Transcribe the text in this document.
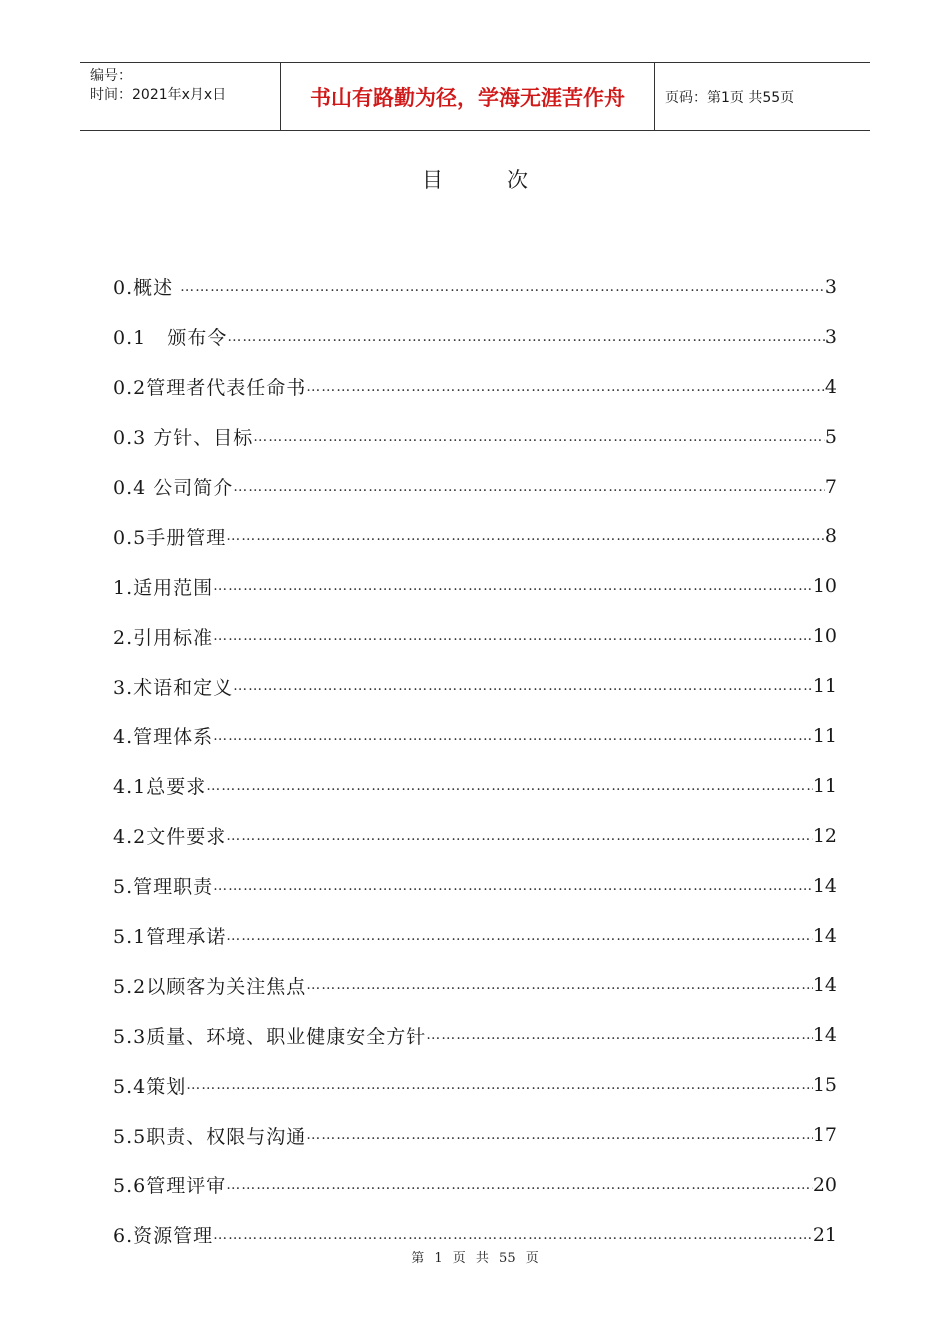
编号：
时间：2021年x月x日	书山有路勤为径，学海无涯苦作舟	页码：第1页 共55页
目次
0.概述 ……………………………………………………………………………………………………………………………………………………………	3
0.1   颁布令 ……………………………………………………………………………………………………………………………………………………………	3
0.2管理者代表任命书 ……………………………………………………………………………………………………………………………………………………………	4
0.3 方针、目标 ……………………………………………………………………………………………………………………………………………………………	5
0.4 公司简介 ……………………………………………………………………………………………………………………………………………………………	7
0.5手册管理 ……………………………………………………………………………………………………………………………………………………………	8
1.适用范围 ……………………………………………………………………………………………………………………………………………………………	10
2.引用标准 ……………………………………………………………………………………………………………………………………………………………	10
3.术语和定义 ……………………………………………………………………………………………………………………………………………………………	11
4.管理体系 ……………………………………………………………………………………………………………………………………………………………	11
4.1总要求 ……………………………………………………………………………………………………………………………………………………………	11
4.2文件要求 ……………………………………………………………………………………………………………………………………………………………	12
5.管理职责 ……………………………………………………………………………………………………………………………………………………………	14
5.1管理承诺 ……………………………………………………………………………………………………………………………………………………………	14
5.2以顾客为关注焦点 ……………………………………………………………………………………………………………………………………………………………	14
5.3质量、环境、职业健康安全方针 ……………………………………………………………………………………………………………………………………………………………	14
5.4策划 ……………………………………………………………………………………………………………………………………………………………	15
5.5职责、权限与沟通 ……………………………………………………………………………………………………………………………………………………………	17
5.6管理评审 ……………………………………………………………………………………………………………………………………………………………	20
6.资源管理 ……………………………………………………………………………………………………………………………………………………………	21
第 1 页 共 55 页
